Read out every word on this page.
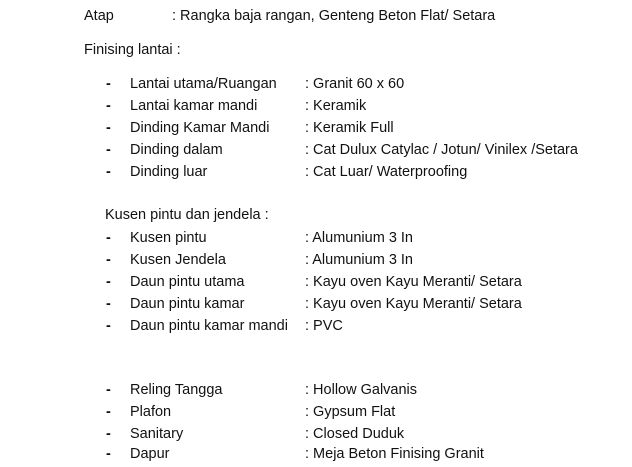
Atap	: Rangka baja rangan, Genteng Beton Flat/ Setara
Finisіng lantai :
- Lantai utama/Ruangan : Granit 60 x 60
- Lantai kamar mandi	: Keramik
- Dinding Kamar Mandi : Keramik Full
- Dinding dalam	: Cat Dulux Catylac / Jotun/ Vinilex /Setara
- Dinding luar	: Cat Luar/ Waterproofing
Kusen pintu dan jendela :
- Kusen pintu	: Alumunium 3 In
- Kusen Jendela	: Alumunium 3 In
- Daun pintu utama	: Kayu oven Kayu Meranti/ Setara
- Daun pintu kamar	: Kayu oven Kayu Meranti/ Setara
- Daun pintu kamar mandi : PVC
- Reling Tangga	: Hollow Galvanis
- Plafon	: Gypsum Flat
- Sanitary	: Closed Duduk
- Dapur	: Meja Beton Finising Granit
